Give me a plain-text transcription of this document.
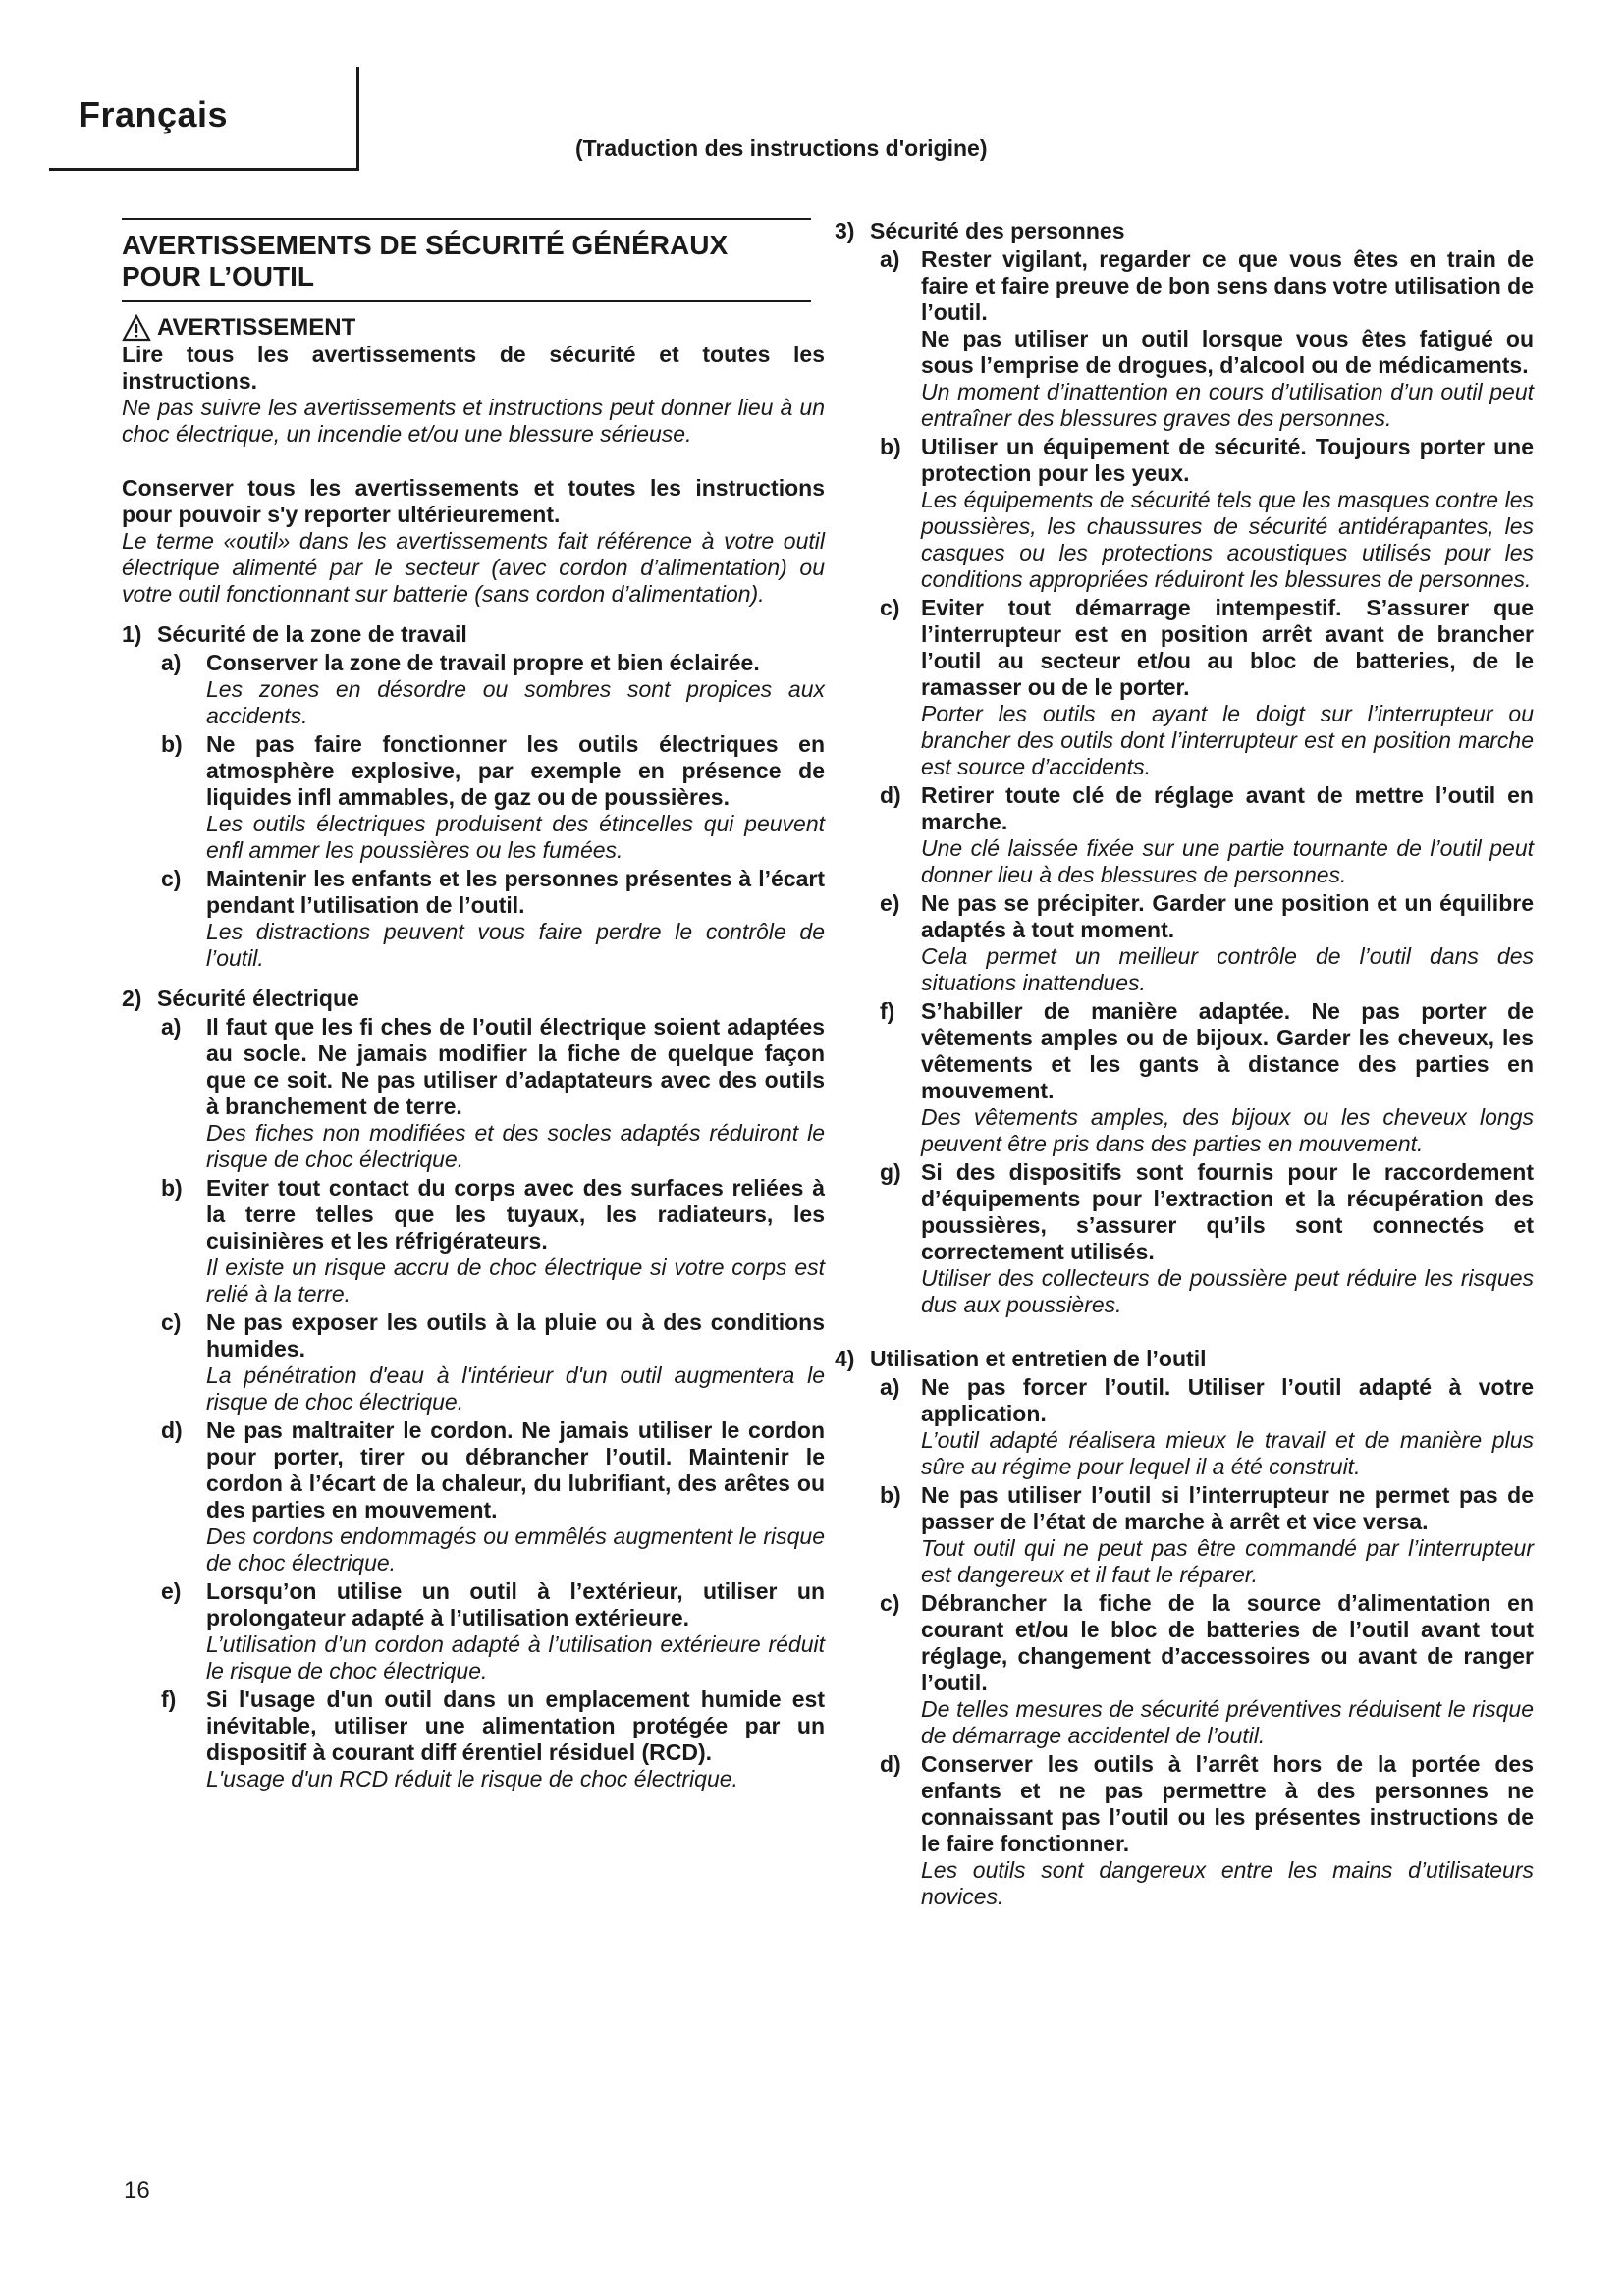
Français
(Traduction des instructions d'origine)
AVERTISSEMENTS DE SÉCURITÉ GÉNÉRAUX POUR L’OUTIL
AVERTISSEMENT
Lire tous les avertissements de sécurité et toutes les instructions.
Ne pas suivre les avertissements et instructions peut donner lieu à un choc électrique, un incendie et/ou une blessure sérieuse.
Conserver tous les avertissements et toutes les instructions pour pouvoir s'y reporter ultérieurement.
Le terme «outil» dans les avertissements fait référence à votre outil électrique alimenté par le secteur (avec cordon d’alimentation) ou votre outil fonctionnant sur batterie (sans cordon d’alimentation).
1) Sécurité de la zone de travail
a)	Conserver la zone de travail propre et bien éclairée.
Les zones en désordre ou sombres sont propices aux accidents.
b)	Ne pas faire fonctionner les outils électriques en atmosphère explosive, par exemple en présence de liquides infl ammables, de gaz ou de poussières.
Les outils électriques produisent des étincelles qui peuvent enfl ammer les poussières ou les fumées.
c)	Maintenir les enfants et les personnes présentes à l’écart pendant l’utilisation de l’outil.
Les distractions peuvent vous faire perdre le contrôle de l’outil.
2) Sécurité électrique
a)	Il faut que les fi ches de l’outil électrique soient adaptées au socle. Ne jamais modifier la fiche de quelque façon que ce soit. Ne pas utiliser d’adaptateurs avec des outils à branchement de terre.
Des fiches non modifiées et des socles adaptés réduiront le risque de choc électrique.
b)	Eviter tout contact du corps avec des surfaces reliées à la terre telles que les tuyaux, les radiateurs, les cuisinières et les réfrigérateurs.
Il existe un risque accru de choc électrique si votre corps est relié à la terre.
c)	Ne pas exposer les outils à la pluie ou à des conditions humides.
La pénétration d'eau à l'intérieur d'un outil augmentera le risque de choc électrique.
d)	Ne pas maltraiter le cordon. Ne jamais utiliser le cordon pour porter, tirer ou débrancher l’outil. Maintenir le cordon à l’écart de la chaleur, du lubrifiant, des arêtes ou des parties en mouvement.
Des cordons endommagés ou emmêlés augmentent le risque de choc électrique.
e)	Lorsqu’on utilise un outil à l’extérieur, utiliser un prolongateur adapté à l’utilisation extérieure.
L’utilisation d’un cordon adapté à l’utilisation extérieure réduit le risque de choc électrique.
f)	Si l'usage d'un outil dans un emplacement humide est inévitable, utiliser une alimentation protégée par un dispositif à courant diff érentiel résiduel (RCD).
L'usage d'un RCD réduit le risque de choc électrique.
3) Sécurité des personnes
a) Rester vigilant, regarder ce que vous êtes en train de faire et faire preuve de bon sens dans votre utilisation de l’outil.
Ne pas utiliser un outil lorsque vous êtes fatigué ou sous l’emprise de drogues, d’alcool ou de médicaments.
Un moment d’inattention en cours d’utilisation d’un outil peut entraîner des blessures graves des personnes.
b) Utiliser un équipement de sécurité. Toujours porter une protection pour les yeux.
Les équipements de sécurité tels que les masques contre les poussières, les chaussures de sécurité antidérapantes, les casques ou les protections acoustiques utilisés pour les conditions appropriées réduiront les blessures de personnes.
c) Eviter tout démarrage intempestif. S’assurer que l’interrupteur est en position arrêt avant de brancher l’outil au secteur et/ou au bloc de batteries, de le ramasser ou de le porter.
Porter les outils en ayant le doigt sur l’interrupteur ou brancher des outils dont l’interrupteur est en position marche est source d’accidents.
d) Retirer toute clé de réglage avant de mettre l’outil en marche.
Une clé laissée fixée sur une partie tournante de l’outil peut donner lieu à des blessures de personnes.
e) Ne pas se précipiter. Garder une position et un équilibre adaptés à tout moment.
Cela permet un meilleur contrôle de l’outil dans des situations inattendues.
f)	S’habiller de manière adaptée. Ne pas porter de vêtements amples ou de bijoux. Garder les cheveux, les vêtements et les gants à distance des parties en mouvement.
Des vêtements amples, des bijoux ou les cheveux longs peuvent être pris dans des parties en mouvement.
g) Si des dispositifs sont fournis pour le raccordement d’équipements pour l’extraction et la récupération des poussières, s’assurer qu’ils sont connectés et correctement utilisés.
Utiliser des collecteurs de poussière peut réduire les risques dus aux poussières.
4) Utilisation et entretien de l’outil
a) Ne pas forcer l’outil. Utiliser l’outil adapté à votre application.
L’outil adapté réalisera mieux le travail et de manière plus sûre au régime pour lequel il a été construit.
b) Ne pas utiliser l’outil si l’interrupteur ne permet pas de passer de l’état de marche à arrêt et vice versa.
Tout outil qui ne peut pas être commandé par l’interrupteur est dangereux et il faut le réparer.
c) Débrancher la fiche de la source d’alimentation en courant et/ou le bloc de batteries de l’outil avant tout réglage, changement d’accessoires ou avant de ranger l’outil.
De telles mesures de sécurité préventives réduisent le risque de démarrage accidentel de l’outil.
d) Conserver les outils à l’arrêt hors de la portée des enfants et ne pas permettre à des personnes ne connaissant pas l’outil ou les présentes instructions de le faire fonctionner.
Les outils sont dangereux entre les mains d’utilisateurs novices.
16
